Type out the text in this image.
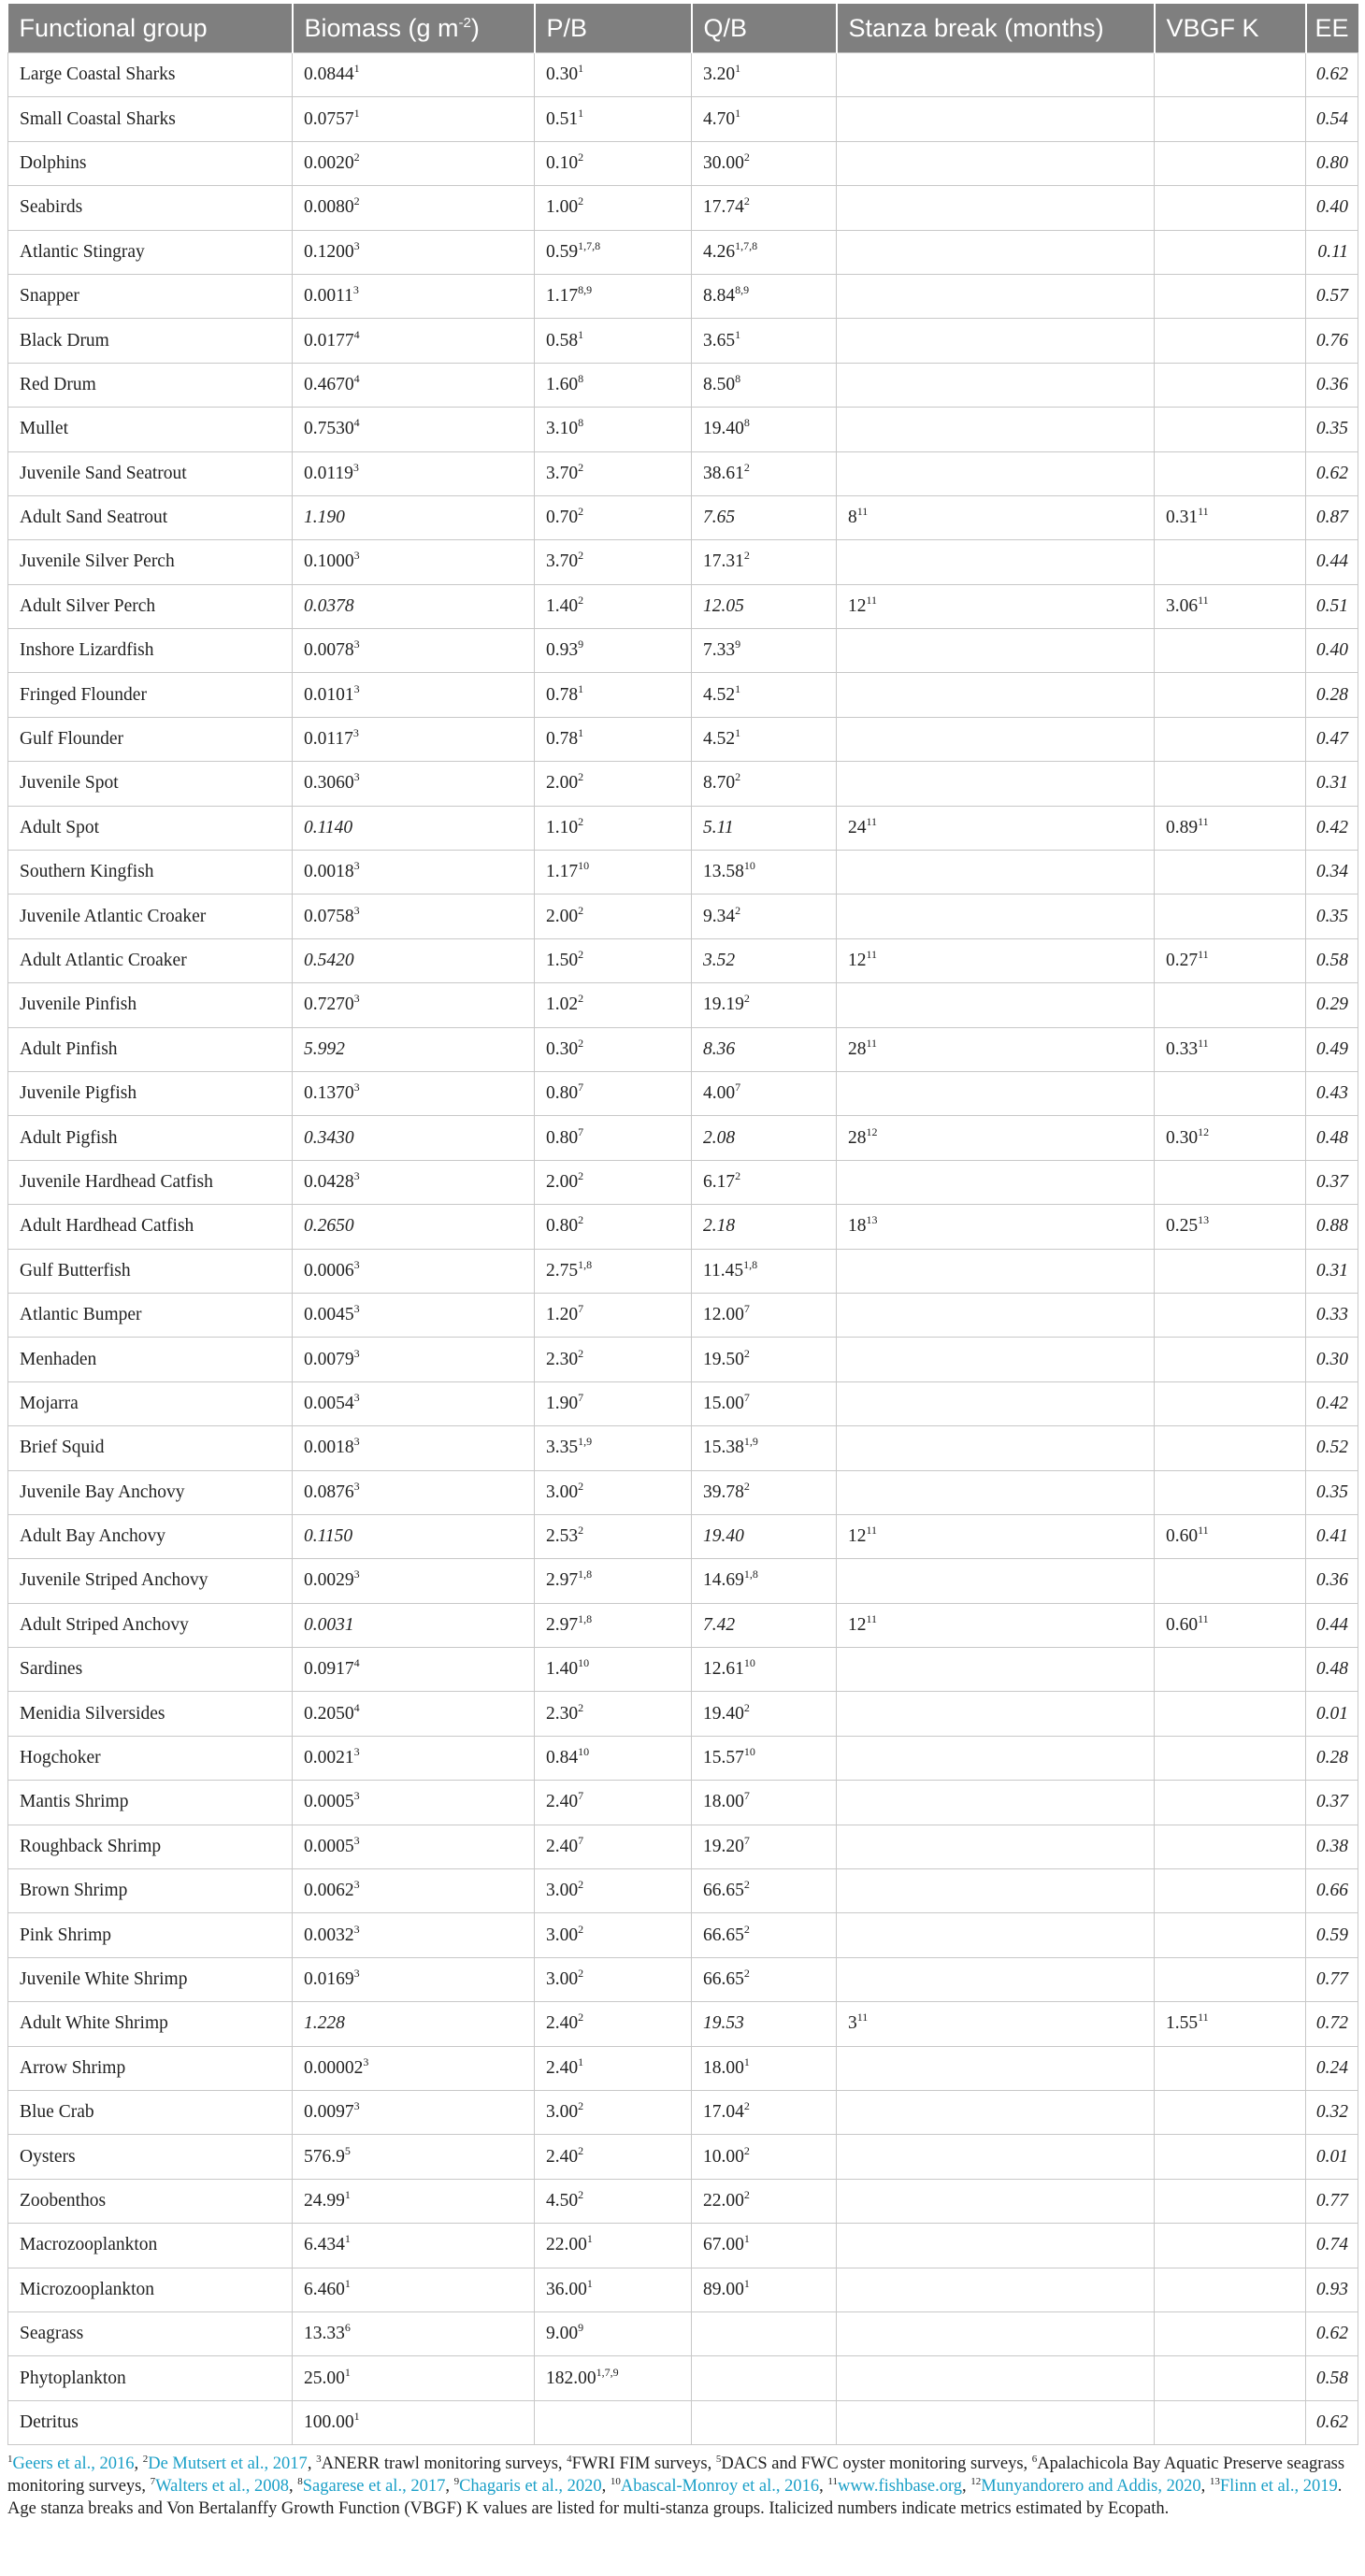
Functional group	Biomass (g $m^{-2}$)	P/B	Q/B	Stanza break (months)	VBGF K	EE
Large Coastal Sharks	0.0844$^1$	0.30$^1$	3.20$^1$			0.62
Small Coastal Sharks	0.0757$^1$	0.51$^1$	4.70$^1$			0.54
Dolphins	0.0020$^2$	0.10$^2$	30.00$^2$			0.80
Seabirds	0.0080$^2$	1.00$^2$	17.74$^2$			0.40
Atlantic Stingray	0.1200$^3$	0.59$^{1,7,8}$	4.26$^{1,7,8}$			0.11
Snapper	0.0011$^3$	1.17$^{8,9}$	8.84$^{8,9}$			0.57
Black Drum	0.0177$^4$	0.58$^1$	3.65$^1$			0.76
Red Drum	0.4670$^4$	1.60$^8$	8.50$^8$			0.36
Mullet	0.7530$^4$	3.10$^8$	19.40$^8$			0.35
Juvenile Sand Seatrout	0.0119$^3$	3.70$^2$	38.61$^2$			0.62
Adult Sand Seatrout	1.190	0.70$^2$	7.65	$8^{11}$	0.31$^{11}$	0.87
Juvenile Silver Perch	0.1000$^3$	3.70$^2$	17.31$^2$			0.44
Adult Silver Perch	0.0378	1.40$^2$	12.05	$12^{11}$	3.06$^{11}$	0.51
Inshore Lizardfish	0.0078$^3$	0.93$^9$	7.33$^9$			0.40
Fringed Flounder	0.0101$^3$	0.78$^1$	4.52$^1$			0.28
Gulf Flounder	0.0117$^3$	0.78$^1$	4.52$^1$			0.47
Juvenile Spot	0.3060$^3$	2.00$^2$	8.70$^2$			0.31
Adult Spot	0.1140	1.10$^2$	5.11	$24^{11}$	0.89$^{11}$	0.42
Southern Kingfish	0.0018$^3$	1.17$^{10}$	13.58$^{10}$			0.34
Juvenile Atlantic Croaker	0.0758$^3$	2.00$^2$	9.34$^2$			0.35
Adult Atlantic Croaker	0.5420	1.50$^2$	3.52	$12^{11}$	0.27$^{11}$	0.58
Juvenile Pinfish	0.7270$^3$	1.02$^2$	19.19$^2$			0.29
Adult Pinfish	5.992	0.30$^2$	8.36	$28^{11}$	0.33$^{11}$	0.49
Juvenile Pigfish	0.1370$^3$	0.80$^7$	4.00$^7$			0.43
Adult Pigfish	0.3430	0.80$^7$	2.08	$28^{12}$	0.30$^{12}$	0.48
Juvenile Hardhead Catfish	0.0428$^3$	2.00$^2$	6.17$^2$			0.37
Adult Hardhead Catfish	0.2650	0.80$^2$	2.18	$18^{13}$	0.25$^{13}$	0.88
Gulf Butterfish	0.0006$^3$	2.75$^{1,8}$	11.45$^{1,8}$			0.31
Atlantic Bumper	0.0045$^3$	1.20$^7$	12.00$^7$			0.33
Menhaden	0.0079$^3$	2.30$^2$	19.50$^2$			0.30
Mojarra	0.0054$^3$	1.90$^7$	15.00$^7$			0.42
Brief Squid	0.0018$^3$	3.35$^{1,9}$	15.38$^{1,9}$			0.52
Juvenile Bay Anchovy	0.0876$^3$	3.00$^2$	39.78$^2$			0.35
Adult Bay Anchovy	0.1150	2.53$^2$	19.40	$12^{11}$	0.60$^{11}$	0.41
Juvenile Striped Anchovy	0.0029$^3$	2.97$^{1,8}$	14.69$^{1,8}$			0.36
Adult Striped Anchovy	0.0031	2.97$^{1,8}$	7.42	$12^{11}$	0.60$^{11}$	0.44
Sardines	0.0917$^4$	1.40$^{10}$	12.61$^{10}$			0.48
Menidia Silversides	0.2050$^4$	2.30$^2$	19.40$^2$			0.01
Hogchoker	0.0021$^3$	0.84$^{10}$	15.57$^{10}$			0.28
Mantis Shrimp	0.0005$^3$	2.40$^7$	18.00$^7$			0.37
Roughback Shrimp	0.0005$^3$	2.40$^7$	19.20$^7$			0.38
Brown Shrimp	0.0062$^3$	3.00$^2$	66.65$^2$			0.66
Pink Shrimp	0.0032$^3$	3.00$^2$	66.65$^2$			0.59
Juvenile White Shrimp	0.0169$^3$	3.00$^2$	66.65$^2$			0.77
Adult White Shrimp	1.228	2.40$^2$	19.53	$3^{11}$	1.55$^{11}$	0.72
Arrow Shrimp	0.00002$^3$	2.40$^1$	18.00$^1$			0.24
Blue Crab	0.0097$^3$	3.00$^2$	17.04$^2$			0.32
Oysters	576.9$^5$	2.40$^2$	10.00$^2$			0.01
Zoobenthos	24.99$^1$	4.50$^2$	22.00$^2$			0.77
Macrozooplankton	6.434$^1$	22.00$^1$	67.00$^1$			0.74
Microzooplankton	6.460$^1$	36.00$^1$	89.00$^1$			0.93
Seagrass	13.33$^6$	9.00$^9$				0.62
Phytoplankton	25.00$^1$	182.00$^{1,7,9}$				0.58
Detritus	100.00$^1$					0.62
$^1$Geers et al., 2016, $^2$De Mutsert et al., 2017, $^3$ANERR trawl monitoring surveys, $^4$FWRI FIM surveys, $^5$DACS and FWC oyster monitoring surveys, $^6$Apalachicola Bay Aquatic Preserve seagrass monitoring surveys, $^7$Walters et al., 2008, $^8$Sagarese et al., 2017, $^9$Chagaris et al., 2020, $^{10}$Abascal-Monroy et al., 2016, $^{11}$www.fishbase.org, $^{12}$Munyandorero and Addis, 2020, $^{13}$Flinn et al., 2019. Age stanza breaks and Von Bertalanffy Growth Function (VBGF) K values are listed for multi-stanza groups. Italicized numbers indicate metrics estimated by Ecopath.
